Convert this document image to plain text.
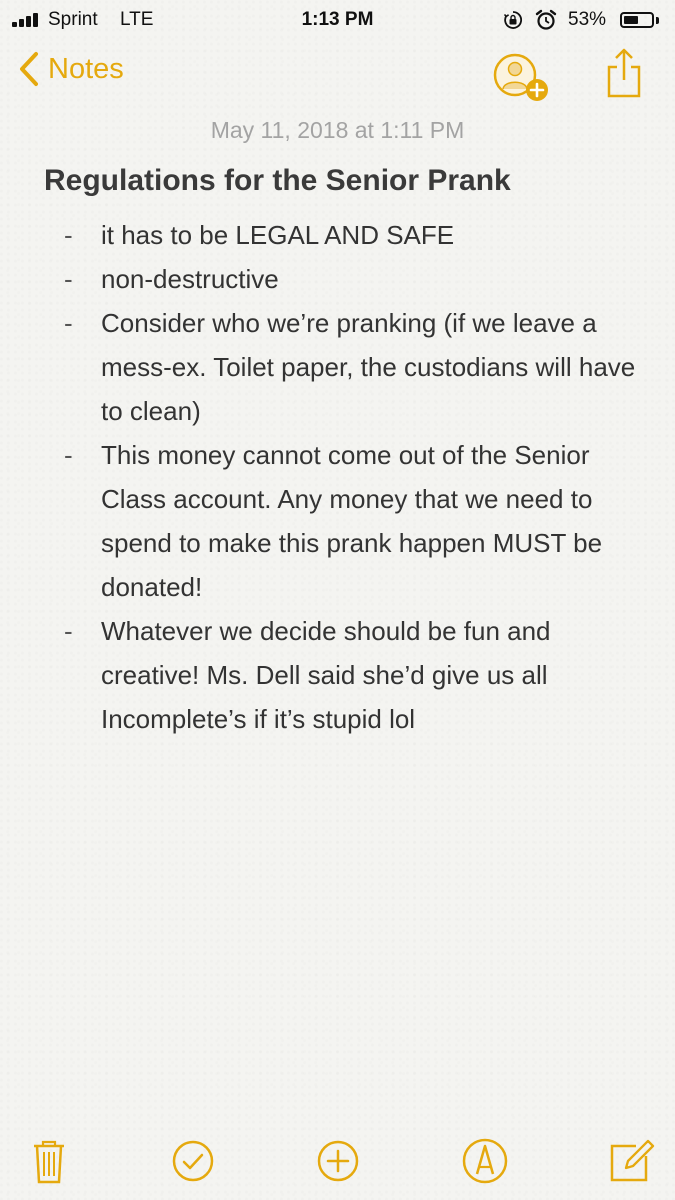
Sprint LTE	1:13 PM	53%
Notes
May 11, 2018 at 1:11 PM
Regulations for the Senior Prank
- it has to be LEGAL AND SAFE
- non-destructive
- Consider who we’re pranking (if we leave a mess-ex. Toilet paper, the custodians will have to clean)
- This money cannot come out of the Senior Class account. Any money that we need to spend to make this prank happen MUST be donated!
- Whatever we decide should be fun and creative! Ms. Dell said she’d give us all Incomplete’s if it’s stupid lol
